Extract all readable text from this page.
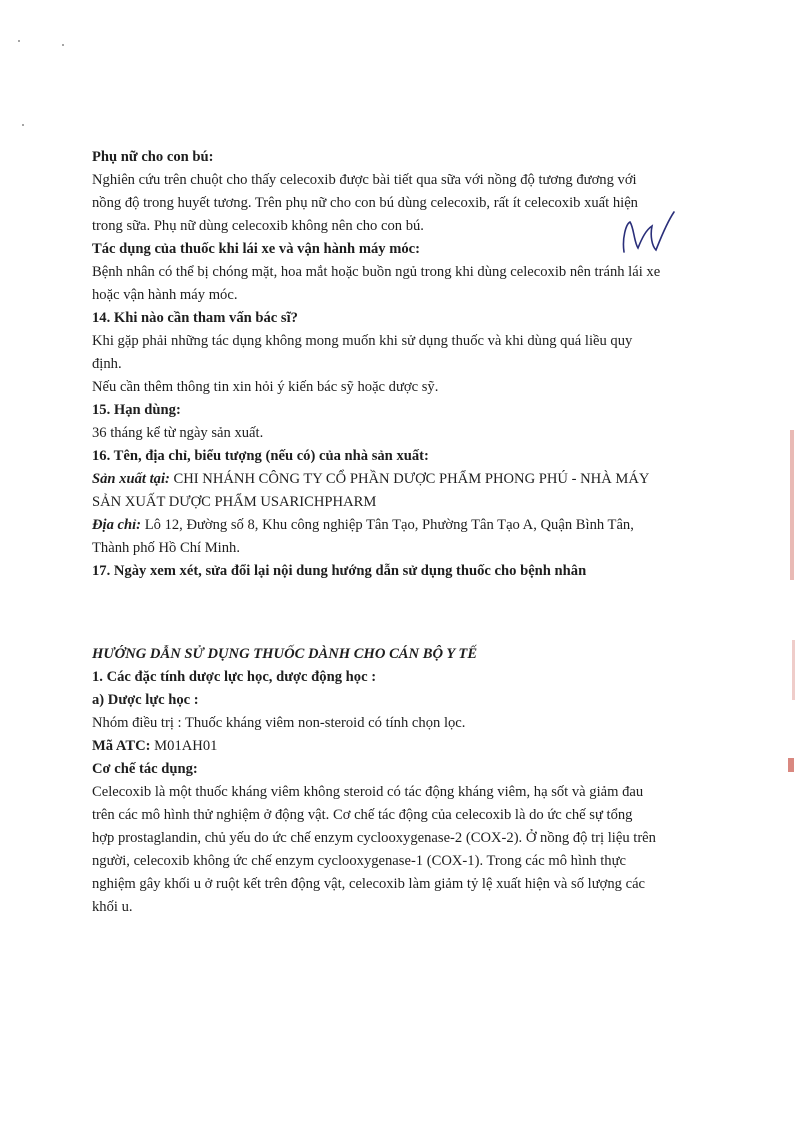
Phụ nữ cho con bú:

Nghiên cứu trên chuột cho thấy celecoxib được bài tiết qua sữa với nồng độ tương đương với

nồng độ trong huyết tương. Trên phụ nữ cho con bú dùng celecoxib, rất ít celecoxib xuất hiện

trong sữa. Phụ nữ dùng celecoxib không nên cho con bú.

Tác dụng của thuốc khi lái xe và vận hành máy móc:

Bệnh nhân có thể bị chóng mặt, hoa mắt hoặc buồn ngủ trong khi dùng celecoxib nên tránh lái xe

hoặc vận hành máy móc.

14. Khi nào cần tham vấn bác sĩ?

Khi gặp phải những tác dụng không mong muốn khi sử dụng thuốc và khi dùng quá liều quy

định.

Nếu cần thêm thông tin xin hỏi ý kiến bác sỹ hoặc dược sỹ.

15. Hạn dùng:

36 tháng kể từ ngày sản xuất.

16. Tên, địa chỉ, biểu tượng (nếu có) của nhà sản xuất:

Sản xuất tại: CHI NHÁNH CÔNG TY CỔ PHẦN DƯỢC PHẨM PHONG PHÚ - NHÀ MÁY

SẢN XUẤT DƯỢC PHẨM USARICHPHARM

Địa chỉ: Lô 12, Đường số 8, Khu công nghiệp Tân Tạo, Phường Tân Tạo A, Quận Bình Tân,

Thành phố Hồ Chí Minh.

17. Ngày xem xét, sửa đổi lại nội dung hướng dẫn sử dụng thuốc cho bệnh nhân

HƯỚNG DẪN SỬ DỤNG THUỐC DÀNH CHO CÁN BỘ Y TẾ

1. Các đặc tính dược lực học, dược động học :

a) Dược lực học :

Nhóm điều trị : Thuốc kháng viêm non-steroid có tính chọn lọc.

Mã ATC: M01AH01

Cơ chế tác dụng:

Celecoxib là một thuốc kháng viêm không steroid có tác động kháng viêm, hạ sốt và giảm đau

trên các mô hình thử nghiệm ở động vật. Cơ chế tác động của celecoxib là do ức chế sự tổng

hợp prostaglandin, chủ yếu do ức chế enzym cyclooxygenase-2 (COX-2). Ở nồng độ trị liệu trên

người, celecoxib không ức chế enzym cyclooxygenase-1 (COX-1). Trong các mô hình thực

nghiệm gây khối u ở ruột kết trên động vật, celecoxib làm giảm tỷ lệ xuất hiện và số lượng các

khối u.
